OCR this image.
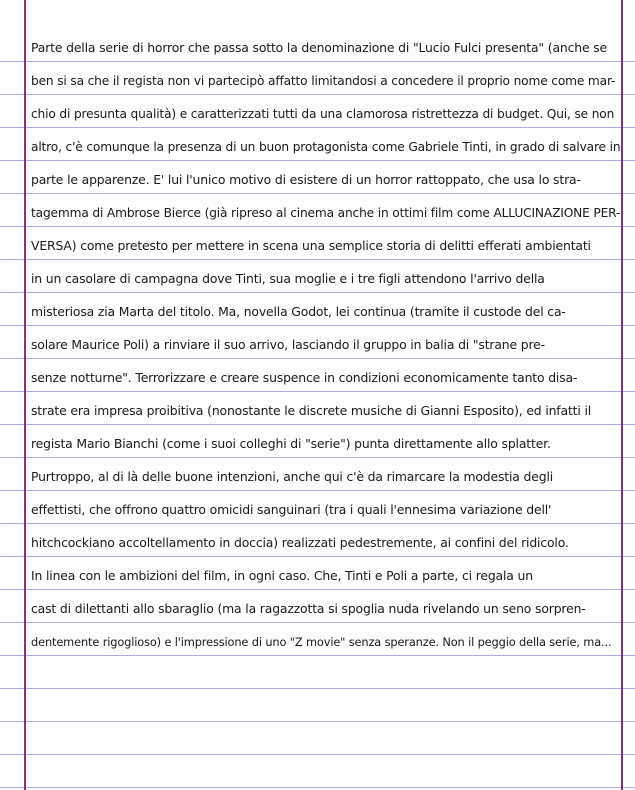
Parte della serie di horror che passa sotto la denominazione di "Lucio Fulci presenta" (anche se
ben si sa che il regista non vi partecipò affatto limitandosi a concedere il proprio nome come mar-
chio di presunta qualità) e caratterizzati tutti da una clamorosa ristrettezza di budget. Qui, se non
altro, c'è comunque la presenza di un buon protagonista come Gabriele Tinti, in grado di salvare in
parte le apparenze. E' lui l'unico motivo di esistere di un horror rattoppato, che usa lo stra-
tagemma di Ambrose Bierce (già ripreso al cinema anche in ottimi film come ALLUCINAZIONE PER-
VERSA) come pretesto per mettere in scena una semplice storia di delitti efferati ambientati
in un casolare di campagna dove Tinti, sua moglie e i tre figli attendono l'arrivo della
misteriosa zia Marta del titolo. Ma, novella Godot, lei continua (tramite il custode del ca-
solare Maurice Poli) a rinviare il suo arrivo, lasciando il gruppo in balia di "strane pre-
senze notturne". Terrorizzare e creare suspence in condizioni economicamente tanto disa-
strate era impresa proibitiva (nonostante le discrete musiche di Gianni Esposito), ed infatti il
regista Mario Bianchi (come i suoi colleghi di "serie") punta direttamente allo splatter.
Purtroppo, al di là delle buone intenzioni, anche qui c'è da rimarcare la modestia degli
effettisti, che offrono quattro omicidi sanguinari (tra i quali l'ennesima variazione dell'
hitchcockiano accoltellamento in doccia) realizzati pedestremente, ai confini del ridicolo.
In linea con le ambizioni del film, in ogni caso. Che, Tinti e Poli a parte, ci regala un
cast di dilettanti allo sbaraglio (ma la ragazzotta si spoglia nuda rivelando un seno sorpren-
dentemente rigoglioso) e l'impressione di uno "Z movie" senza speranze. Non il peggio della serie, ma...
